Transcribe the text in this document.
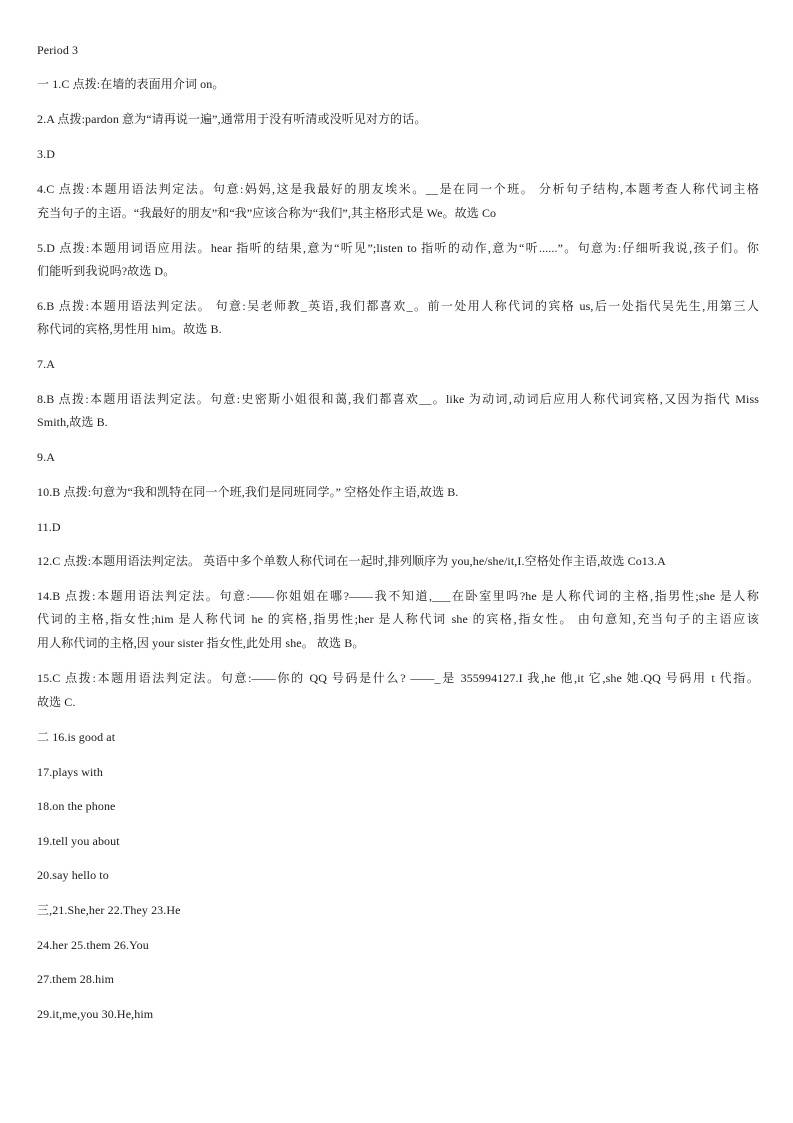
Period 3
一 1.C 点拨:在墙的表面用介词 on。
2.A 点拨:pardon 意为“请再说一遍”,通常用于没有听清或没听见对方的话。
3.D
4.C 点拨:本题用语法判定法。句意:妈妈,这是我最好的朋友埃米。__是在同一个班。 分析句子结构,本题考查人称代词主格
充当句子的主语。“我最好的朋友”和“我”应该合称为“我们”,其主格形式是 We。故选 Co
5.D 点拨:本题用词语应用法。hear 指听的结果,意为“听见”;listen to 指听的动作,意为“听......”。句意为:仔细听我说,孩子们。你
们能听到我说吗?故选 D。
6.B 点拨:本题用语法判定法。 句意:吴老师教_英语,我们都喜欢_。前一处用人称代词的宾格 us,后一处指代吴先生,用第三人
称代词的宾格,男性用 him。故选 B.
7.A
8.B 点拨:本题用语法判定法。句意:史密斯小姐很和蔼,我们都喜欢__。like 为动词,动词后应用人称代词宾格,又因为指代 Miss
Smith,故选 B.
9.A
10.B 点拨:句意为“我和凯特在同一个班,我们是同班同学。” 空格处作主语,故选 B.
11.D
12.C 点拨:本题用语法判定法。 英语中多个单数人称代词在一起时,排列顺序为 you,he/she/it,I.空格处作主语,故选 Co13.A
14.B 点拨:本题用语法判定法。句意:——你姐姐在哪?——我不知道,___在卧室里吗?he 是人称代词的主格,指男性;she 是人称
代词的主格,指女性;him 是人称代词 he 的宾格,指男性;her 是人称代词 she 的宾格,指女性。 由句意知,充当句子的主语应该
用人称代词的主格,因 your sister 指女性,此处用 she。 故选 B。
15.C 点拨:本题用语法判定法。句意:——你的 QQ 号码是什么? ——_是 355994127.I 我,he 他,it 它,she 她.QQ 号码用 t 代指。
故选 C.
二 16.is good at
17.plays with
18.on the phone
19.tell you about
20.say hello to
三,21.She,her 22.They 23.He
24.her 25.them 26.You
27.them 28.him
29.it,me,you 30.He,him
